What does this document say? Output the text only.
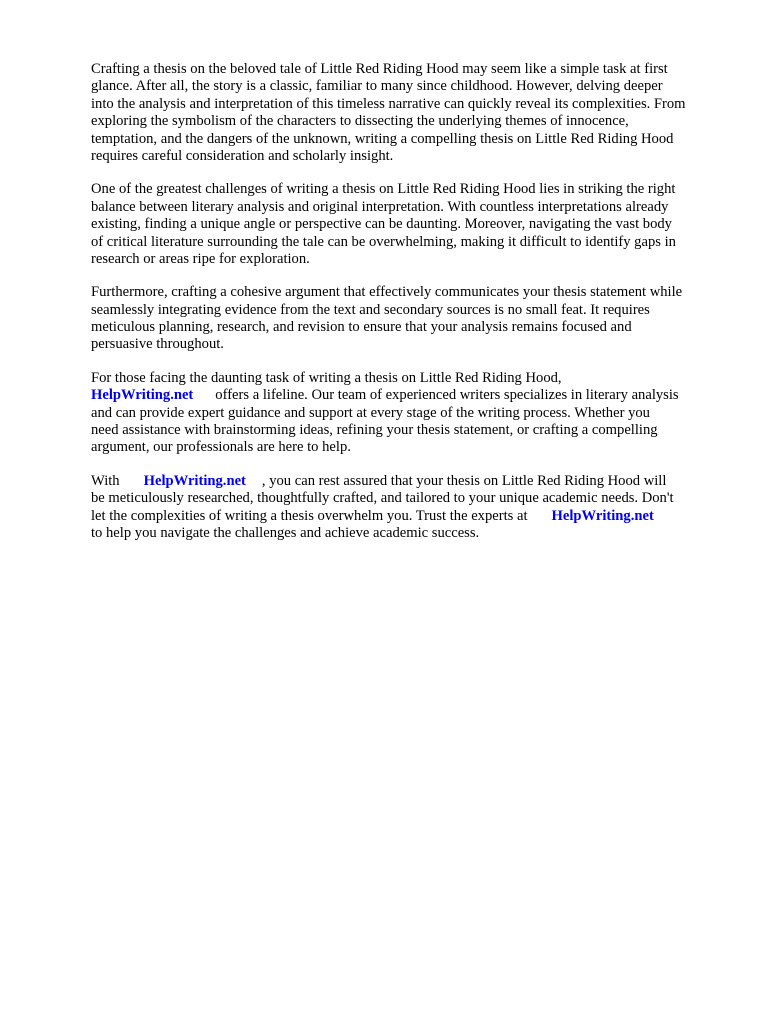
Crafting a thesis on the beloved tale of Little Red Riding Hood may seem like a simple task at first
glance. After all, the story is a classic, familiar to many since childhood. However, delving deeper
into the analysis and interpretation of this timeless narrative can quickly reveal its complexities. From
exploring the symbolism of the characters to dissecting the underlying themes of innocence,
temptation, and the dangers of the unknown, writing a compelling thesis on Little Red Riding Hood
requires careful consideration and scholarly insight.
One of the greatest challenges of writing a thesis on Little Red Riding Hood lies in striking the right
balance between literary analysis and original interpretation. With countless interpretations already
existing, finding a unique angle or perspective can be daunting. Moreover, navigating the vast body
of critical literature surrounding the tale can be overwhelming, making it difficult to identify gaps in
research or areas ripe for exploration.
Furthermore, crafting a cohesive argument that effectively communicates your thesis statement while
seamlessly integrating evidence from the text and secondary sources is no small feat. It requires
meticulous planning, research, and revision to ensure that your analysis remains focused and
persuasive throughout.
For those facing the daunting task of writing a thesis on Little Red Riding Hood,
HelpWriting.net offers a lifeline. Our team of experienced writers specializes in literary analysis
and can provide expert guidance and support at every stage of the writing process. Whether you
need assistance with brainstorming ideas, refining your thesis statement, or crafting a compelling
argument, our professionals are here to help.
With HelpWriting.net , you can rest assured that your thesis on Little Red Riding Hood will
be meticulously researched, thoughtfully crafted, and tailored to your unique academic needs. Don't
let the complexities of writing a thesis overwhelm you. Trust the experts at HelpWriting.net
to help you navigate the challenges and achieve academic success.
